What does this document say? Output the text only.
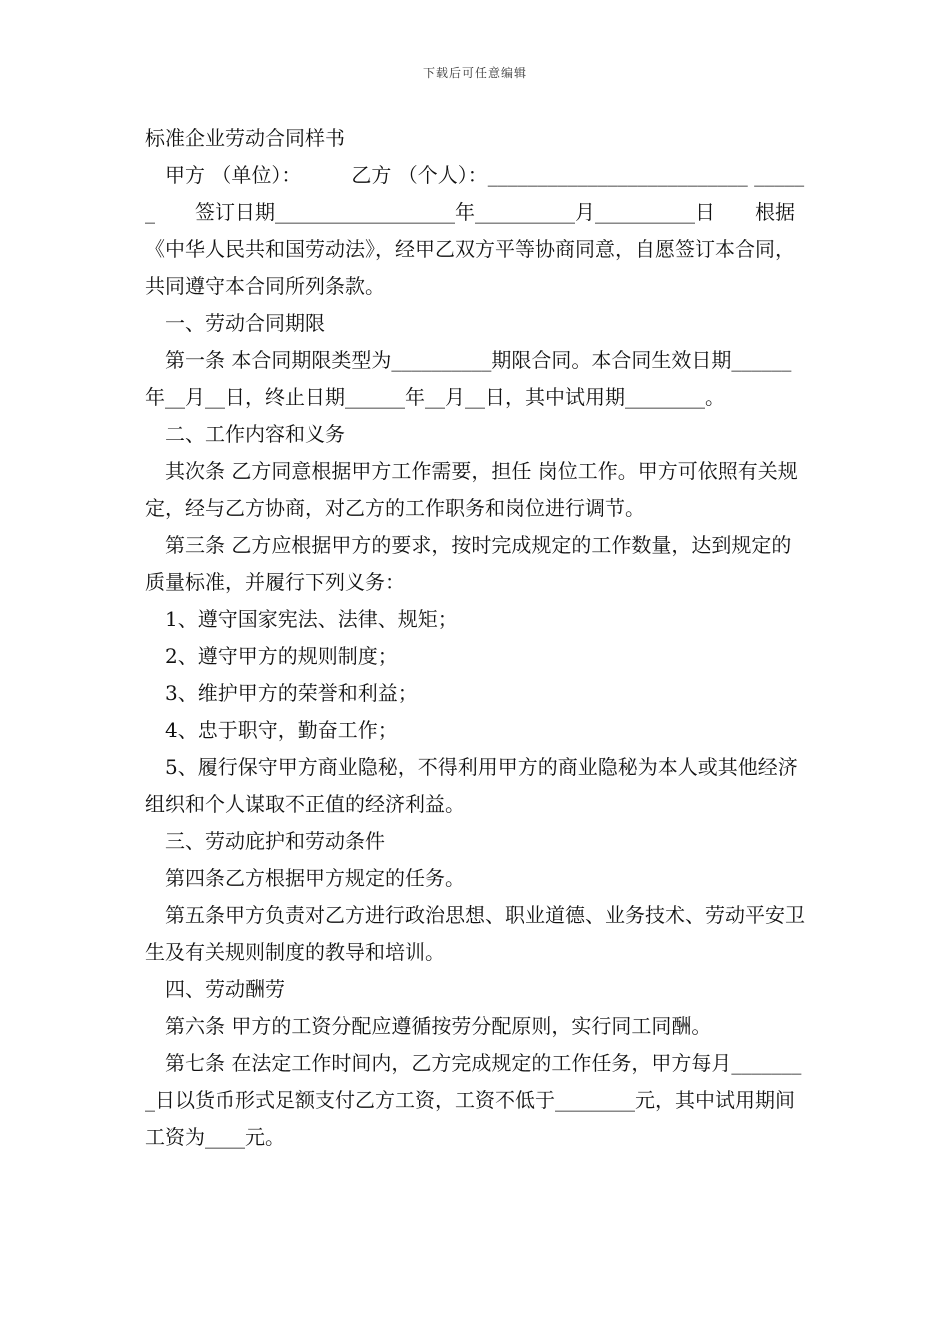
下载后可任意编辑

标准企业劳动合同样书

甲方 （单位）：　　　乙方 （个人）：__________________________ ______　　签订日期__________________年__________月__________日　　根据《中华人民共和国劳动法》，经甲乙双方平等协商同意，自愿签订本合同，共同遵守本合同所列条款。

一、劳动合同期限

第一条 本合同期限类型为__________期限合同。本合同生效日期______年__月__日，终止日期______年__月__日，其中试用期________。

二、工作内容和义务

其次条 乙方同意根据甲方工作需要，担任 岗位工作。甲方可依照有关规定，经与乙方协商，对乙方的工作职务和岗位进行调节。

第三条 乙方应根据甲方的要求，按时完成规定的工作数量，达到规定的质量标准，并履行下列义务：

1、遵守国家宪法、法律、规矩；

2、遵守甲方的规则制度；

3、维护甲方的荣誉和利益；

4、忠于职守，勤奋工作；

5、履行保守甲方商业隐秘，不得利用甲方的商业隐秘为本人或其他经济组织和个人谋取不正值的经济利益。

三、劳动庇护和劳动条件

第四条乙方根据甲方规定的任务。

第五条甲方负责对乙方进行政治思想、职业道德、业务技术、劳动平安卫生及有关规则制度的教导和培训。

四、劳动酬劳

第六条 甲方的工资分配应遵循按劳分配原则，实行同工同酬。

第七条 在法定工作时间内，乙方完成规定的工作任务，甲方每月________日以货币形式足额支付乙方工资，工资不低于________元，其中试用期间工资为____元。
